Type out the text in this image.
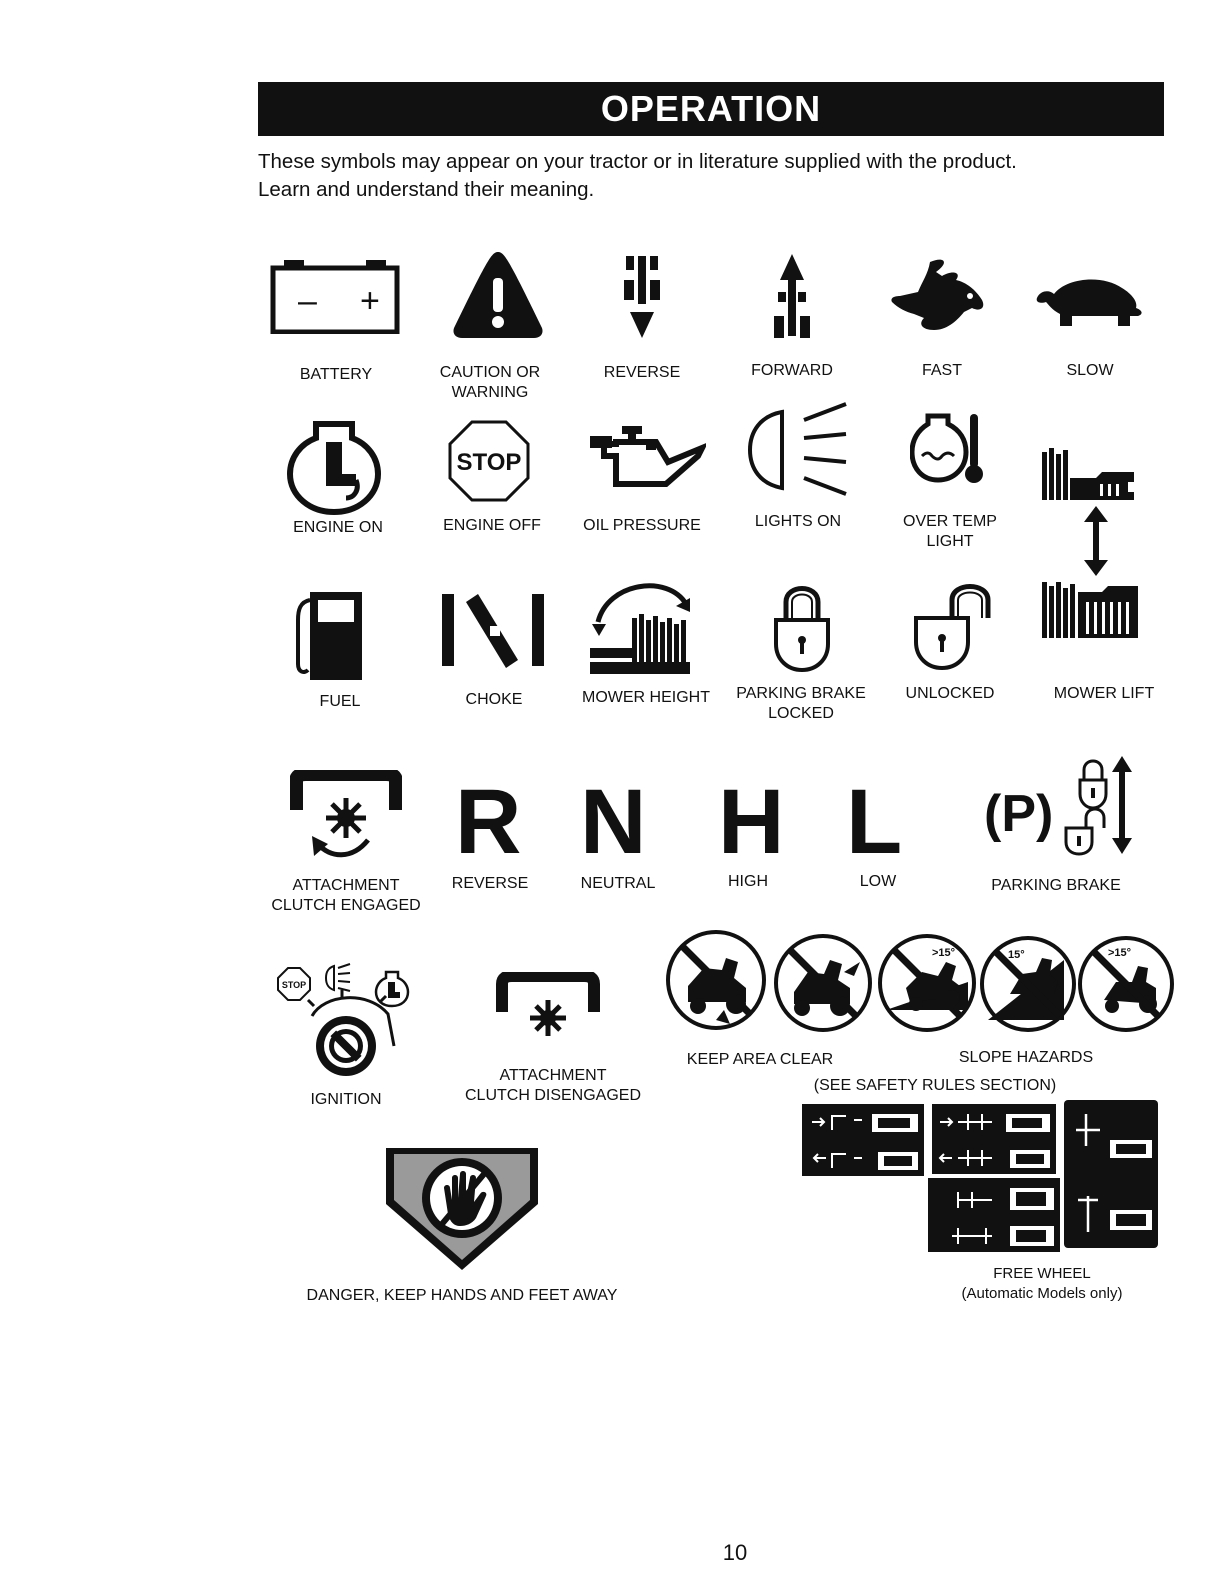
OPERATION
These symbols may appear on your tractor or in literature supplied with the product.
Learn and understand their meaning.
– +
BATTERY	CAUTION OR
WARNING
REVERSE	FORWARD	FAST	SLOW
STOP
ENGINE ON	ENGINE OFF	OIL PRESSURE	LIGHTS ON	OVER TEMP
LIGHT
FUEL	CHOKE	MOWER HEIGHT	PARKING BRAKE
LOCKED
UNLOCKED	MOWER LIFT
R N H L (P)
ATTACHMENT
CLUTCH ENGAGED
REVERSE	NEUTRAL	HIGH	LOW	PARKING BRAKE
STOP
>15°	15°	>15°
KEEP AREA CLEAR	SLOPE HAZARDS
(SEE SAFETY RULES SECTION)
IGNITION
ATTACHMENT
CLUTCH DISENGAGED
FREE WHEEL
(Automatic Models only)
DANGER, KEEP HANDS AND FEET AWAY
10
